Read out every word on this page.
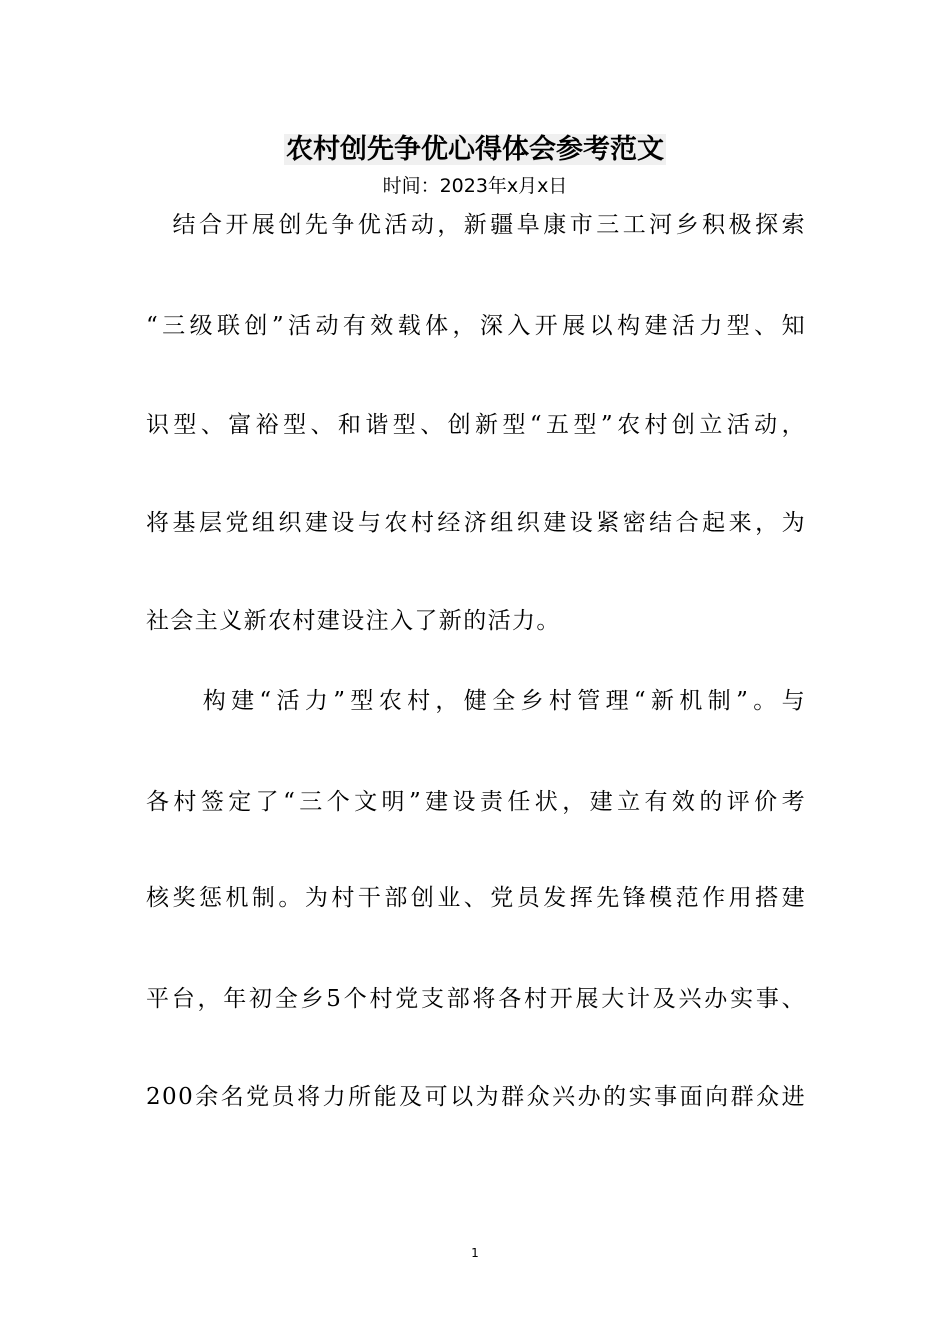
农村创先争优心得体会参考范文
时间：2023年x月x日
　结合开展创先争优活动，新疆阜康市三工河乡积极探索
“三级联创”活动有效载体，深入开展以构建活力型、知
识型、富裕型、和谐型、创新型“五型”农村创立活动，
将基层党组织建设与农村经济组织建设紧密结合起来，为
社会主义新农村建设注入了新的活力。
　　构建“活力”型农村，健全乡村管理“新机制”。与
各村签定了“三个文明”建设责任状，建立有效的评价考
核奖惩机制。为村干部创业、党员发挥先锋模范作用搭建
平台，年初全乡5个村党支部将各村开展大计及兴办实事、
200余名党员将力所能及可以为群众兴办的实事面向群众进
1
